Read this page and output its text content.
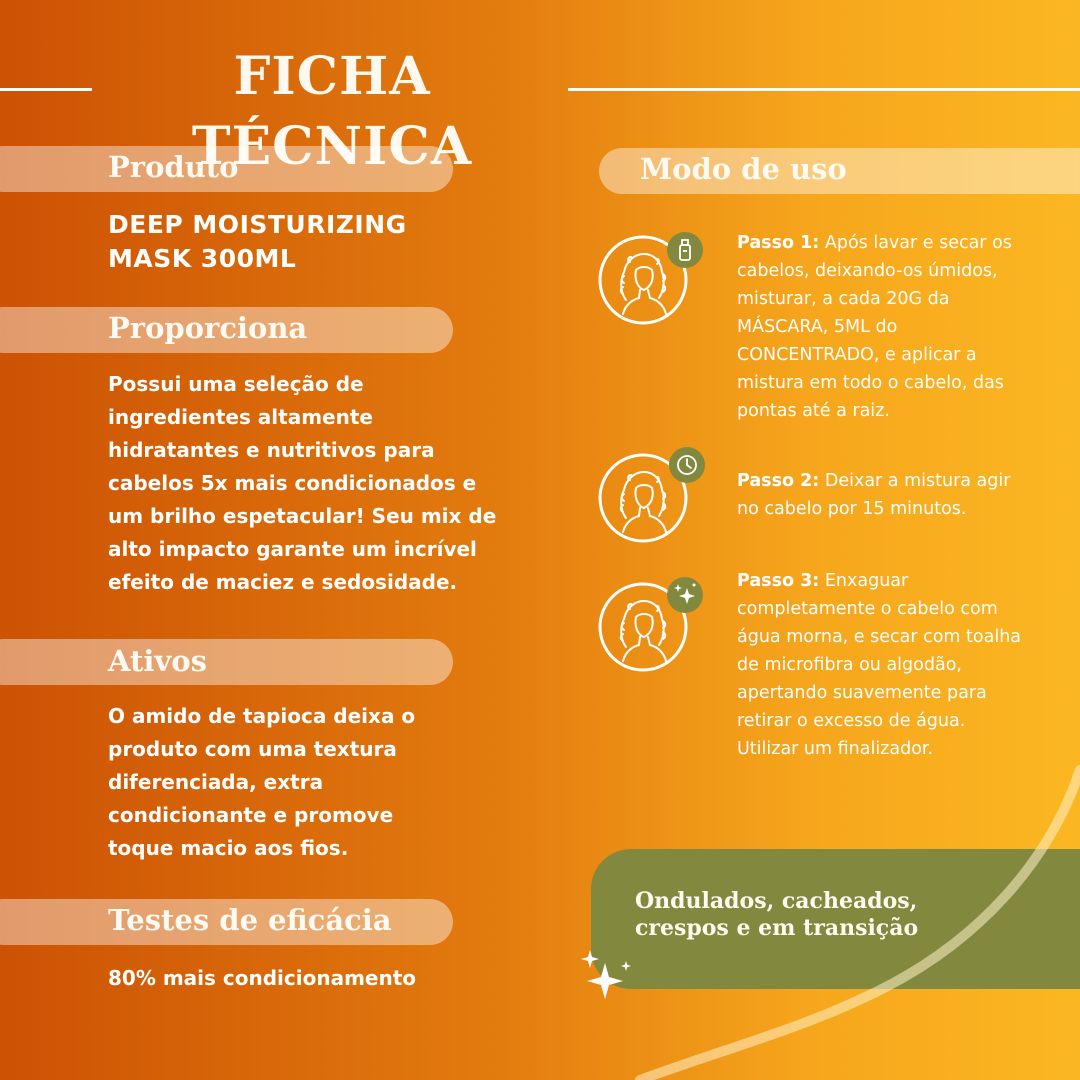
FICHA TÉCNICA
Produto
DEEP MOISTURIZING
MASK 300ML
Proporciona
Possui uma seleção de
ingredientes altamente
hidratantes e nutritivos para
cabelos 5x mais condicionados e
um brilho espetacular! Seu mix de
alto impacto garante um incrível
efeito de maciez e sedosidade.
Ativos
O amido de tapioca deixa o
produto com uma textura
diferenciada, extra
condicionante e promove
toque macio aos fios.
Testes de eficácia
80% mais condicionamento
Modo de uso
Passo 1: Após lavar e secar os cabelos, deixando-os úmidos, misturar, a cada 20G da MÁSCARA, 5ML do CONCENTRADO, e aplicar a mistura em todo o cabelo, das pontas até a raiz.
Passo 2: Deixar a mistura agir no cabelo por 15 minutos.
Passo 3: Enxaguar completamente o cabelo com água morna, e secar com toalha de microfibra ou algodão, apertando suavemente para retirar o excesso de água. Utilizar um finalizador.
Ondulados, cacheados,
crespos e em transição
